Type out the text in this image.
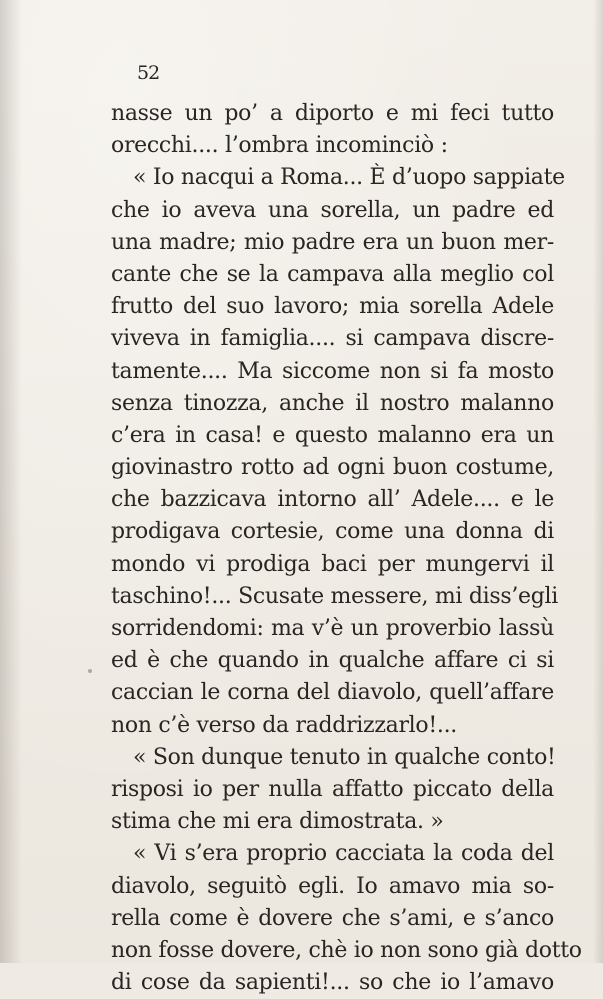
52
nasse un po’ a diporto e mi feci tutto
orecchi.... l’ombra incominciò :
« Io nacqui a Roma... È d’uopo sappiate
che io aveva una sorella, un padre ed
una madre; mio padre era un buon mer-
cante che se la campava alla meglio col
frutto del suo lavoro; mia sorella Adele
viveva in famiglia.... si campava discre-
tamente.... Ma siccome non si fa mosto
senza tinozza, anche il nostro malanno
c’era in casa! e questo malanno era un
giovinastro rotto ad ogni buon costume,
che bazzicava intorno all’ Adele.... e le
prodigava cortesie, come una donna di
mondo vi prodiga baci per mungervi il
taschino!... Scusate messere, mi diss’egli
sorridendomi: ma v’è un proverbio lassù
ed è che quando in qualche affare ci si
caccian le corna del diavolo, quell’affare
non c’è verso da raddrizzarlo!...
« Son dunque tenuto in qualche conto!
risposi io per nulla affatto piccato della
stima che mi era dimostrata. »
« Vi s’era proprio cacciata la coda del
diavolo, seguitò egli. Io amavo mia so-
rella come è dovere che s’ami, e s’anco
non fosse dovere, chè io non sono già dotto
di cose da sapienti!... so che io l’amavo
